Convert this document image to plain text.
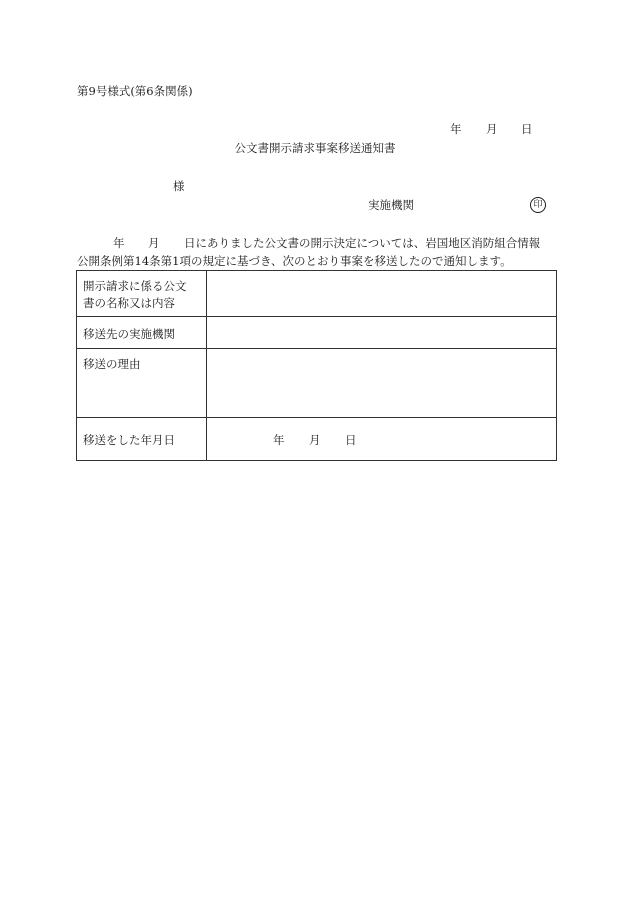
第9号様式(第6条関係)
年 月 日
公文書開示請求事案移送通知書
様
実施機関	印
年 月 日にありました公文書の開示決定については、岩国地区消防組合情報
公開条例第14条第1項の規定に基づき、次のとおり事案を移送したので通知します。
開示請求に係る公文
書の名称又は内容	

移送先の実施機関	
移送の理由	
移送をした年月日	年 月 日
